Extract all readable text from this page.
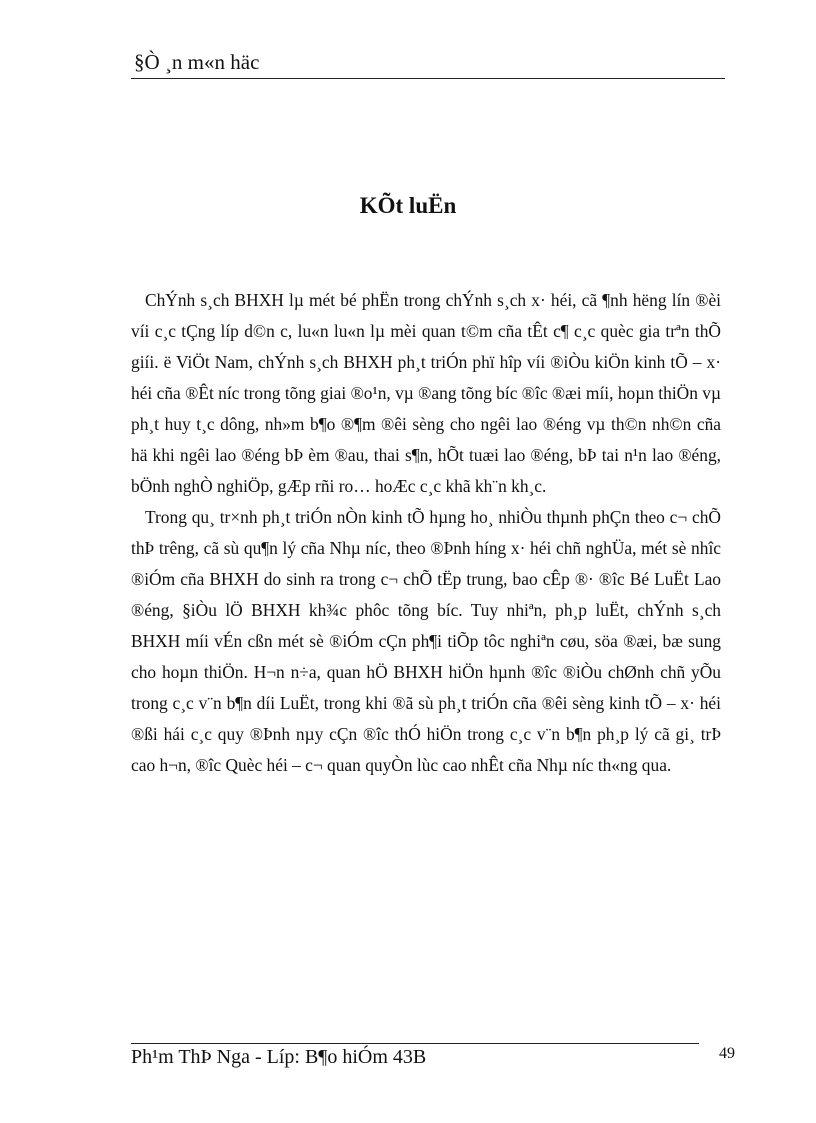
§Ò ¸n m«n häc
KÕt luËn

ChÝnh s¸ch BHXH lµ mét bé phËn trong chÝnh s¸ch x· héi, cã ¶nh hëng lín ®èi víi c¸c tÇng líp d©n c, lu«n lu«n lµ mèi quan t©m cña tÊt c¶ c¸c quèc gia trªn thÕ giíi. ë ViÖt Nam, chÝnh s¸ch BHXH ph¸t triÓn phï hîp víi ®iÒu kiÖn kinh tÕ – x· héi cña ®Êt níc trong tõng giai ®o¹n, vµ ®ang tõng bíc ®îc ®æi míi, hoµn thiÖn vµ ph¸t huy t¸c dông, nh»m b¶o ®¶m ®êi sèng cho ngêi lao ®éng vµ th©n nh©n cña hä khi ngêi lao ®éng bÞ èm ®au, thai s¶n, hÕt tuæi lao ®éng, bÞ tai n¹n lao ®éng, bÖnh nghÒ nghiÖp, gÆp rñi ro… hoÆc c¸c khã kh¨n kh¸c.

Trong qu¸ tr×nh ph¸t triÓn nÒn kinh tÕ hµng ho¸ nhiÒu thµnh phÇn theo c¬ chÕ thÞ trêng, cã sù qu¶n lý cña Nhµ níc, theo ®Þnh híng x· héi chñ nghÜa, mét sè nhîc ®iÓm cña BHXH do sinh ra trong c¬ chÕ tËp trung, bao cÊp ®· ®îc Bé LuËt Lao ®éng, §iÒu lÖ BHXH kh¾c phôc tõng bíc. Tuy nhiªn, ph¸p luËt, chÝnh s¸ch BHXH míi vÉn cßn mét sè ®iÓm cÇn ph¶i tiÕp tôc nghiªn cøu, söa ®æi, bæ sung cho hoµn thiÖn. H¬n n÷a, quan hÖ BHXH hiÖn hµnh ®îc ®iÒu chØnh chñ yÕu trong c¸c v¨n b¶n díi LuËt, trong khi ®ã sù ph¸t triÓn cña ®êi sèng kinh tÕ – x· héi ®ßi hái c¸c quy ®Þnh nµy cÇn ®îc thÓ hiÖn trong c¸c v¨n b¶n ph¸p lý cã gi¸ trÞ cao h¬n, ®îc Quèc héi – c¬ quan quyÒn lùc cao nhÊt cña Nhµ níc th«ng qua.

Ph¹m ThÞ Nga - Líp: B¶o hiÓm 43B	49
